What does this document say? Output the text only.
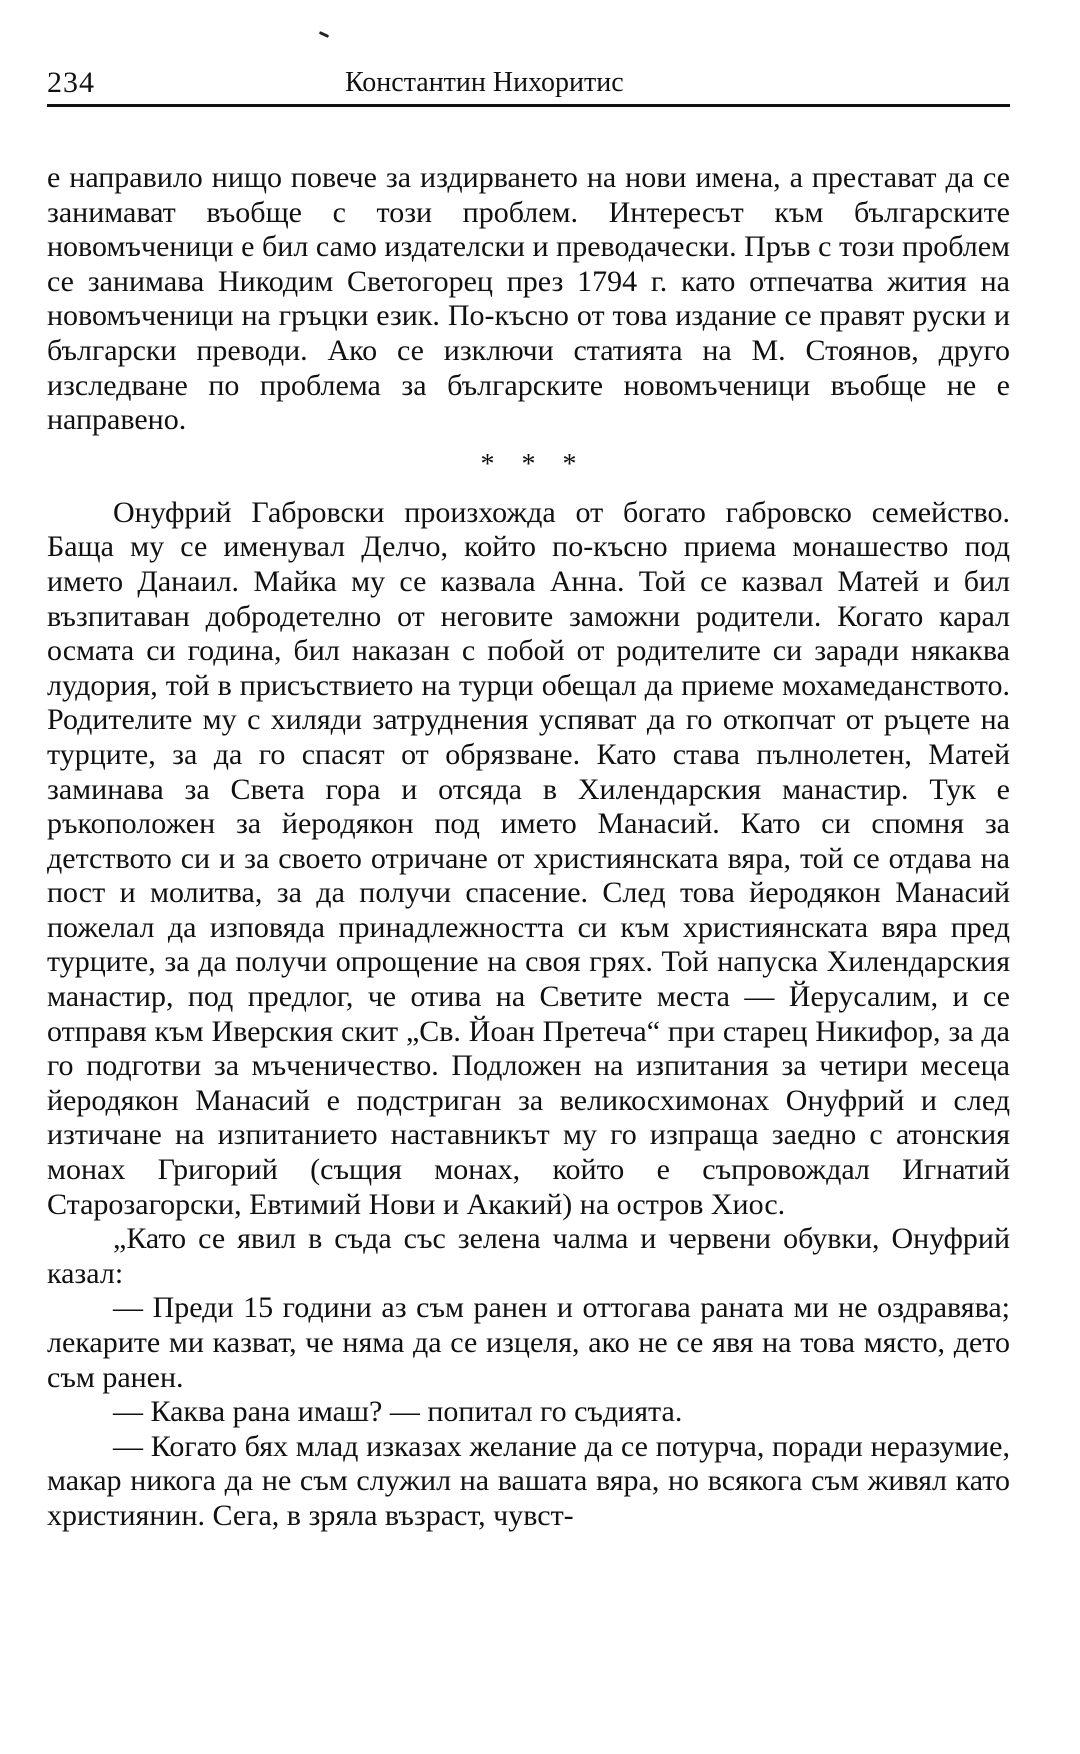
234	Константин Нихоритис

е направило нищо повече за издирването на нови имена, а престават да се занимават въобще с този проблем. Интересът към българските новомъченици е бил само издателски и преводачески. Пръв с този проблем се занимава Никодим Светогорец през 1794 г. като отпечатва жития на новомъченици на гръцки език. По-късно от това издание се правят руски и български преводи. Ако се изключи статията на М. Стоянов, друго изследване по проблема за българските новомъченици въобще не е направено.

* * *

Онуфрий Габровски произхожда от богато габровско семейство. Баща му се именувал Делчо, който по-късно приема монашество под името Данаил. Майка му се казвала Анна. Той се казвал Матей и бил възпитаван добродетелно от неговите заможни родители. Когато карал осмата си година, бил наказан с побой от родителите си заради някаква лудория, той в присъствието на турци обещал да приеме мохамеданството. Родителите му с хиляди затруднения успяват да го откопчат от ръцете на турците, за да го спасят от обрязване. Като става пълнолетен, Матей заминава за Света гора и отсяда в Хилендарския манастир. Тук е ръкоположен за йеродякон под името Манасий. Като си спомня за детството си и за своето отричане от християнската вяра, той се отдава на пост и молитва, за да получи спасение. След това йеродякон Манасий пожелал да изповяда принадлежността си към християнската вяра пред турците, за да получи опрощение на своя грях. Той напуска Хилендарския манастир, под предлог, че отива на Светите места — Йерусалим, и се отправя към Иверския скит „Св. Йоан Претеча“ при старец Никифор, за да го подготви за мъченичество. Подложен на изпитания за четири месеца йеродякон Манасий е подстриган за великосхимонах Онуфрий и след изтичане на изпитанието наставникът му го изпраща заедно с атонския монах Григорий (същия монах, който е съпровождал Игнатий Старозагорски, Евтимий Нови и Акакий) на остров Хиос.

„Като се явил в съда със зелена чалма и червени обувки, Онуфрий казал:

— Преди 15 години аз съм ранен и оттогава раната ми не оздравява; лекарите ми казват, че няма да се изцеля, ако не се явя на това място, дето съм ранен.

— Каква рана имаш? — попитал го съдията.

— Когато бях млад изказах желание да се потурча, поради неразумие, макар никога да не съм служил на вашата вяра, но всякога съм живял като християнин. Сега, в зряла възраст, чувст-
